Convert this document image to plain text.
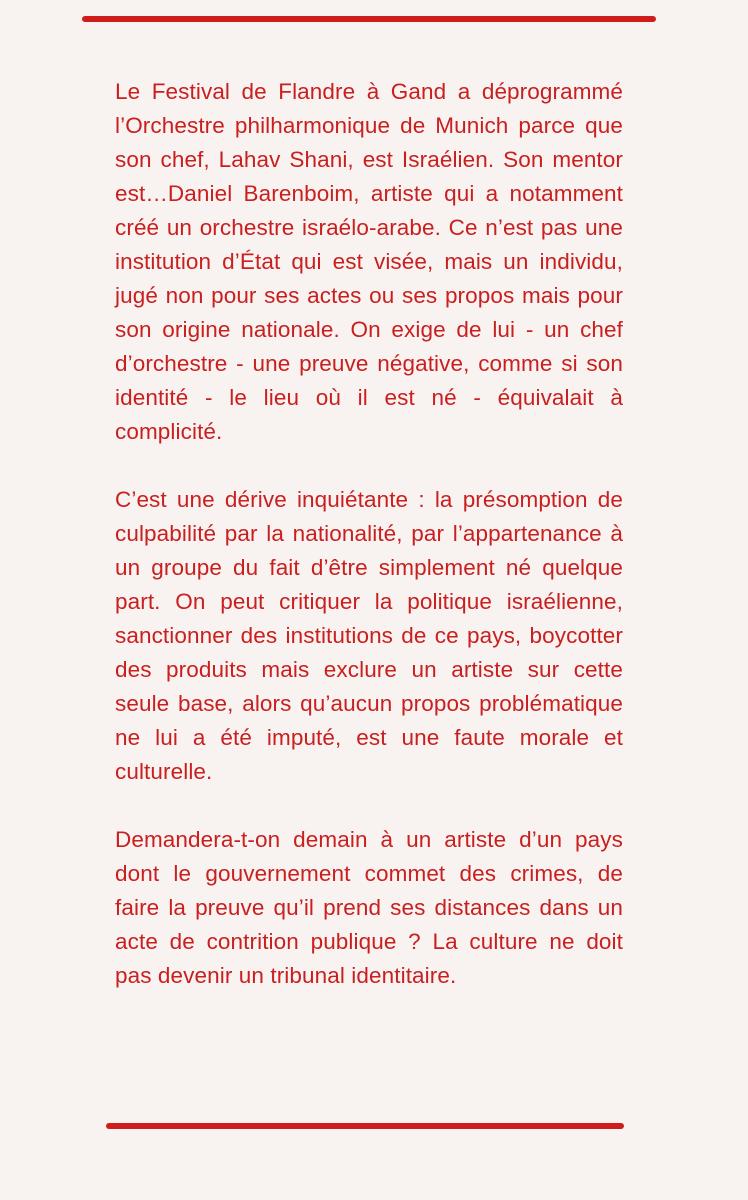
Le Festival de Flandre à Gand a déprogrammé l’Orchestre philharmonique de Munich parce que son chef, Lahav Shani, est Israélien. Son mentor est…Daniel Barenboim, artiste qui a notamment créé un orchestre israélo-arabe. Ce n’est pas une institution d’État qui est visée, mais un individu, jugé non pour ses actes ou ses propos mais pour son origine nationale. On exige de lui - un chef d’orchestre - une preuve négative, comme si son identité - le lieu où il est né - équivalait à complicité.

C’est une dérive inquiétante : la présomption de culpabilité par la nationalité, par l’appartenance à un groupe du fait d’être simplement né quelque part. On peut critiquer la politique israélienne, sanctionner des institutions de ce pays, boycotter des produits mais exclure un artiste sur cette seule base, alors qu’aucun propos problématique ne lui a été imputé, est une faute morale et culturelle.

Demandera-t-on demain à un artiste d’un pays dont le gouvernement commet des crimes, de faire la preuve qu’il prend ses distances dans un acte de contrition publique ? La culture ne doit pas devenir un tribunal identitaire.
